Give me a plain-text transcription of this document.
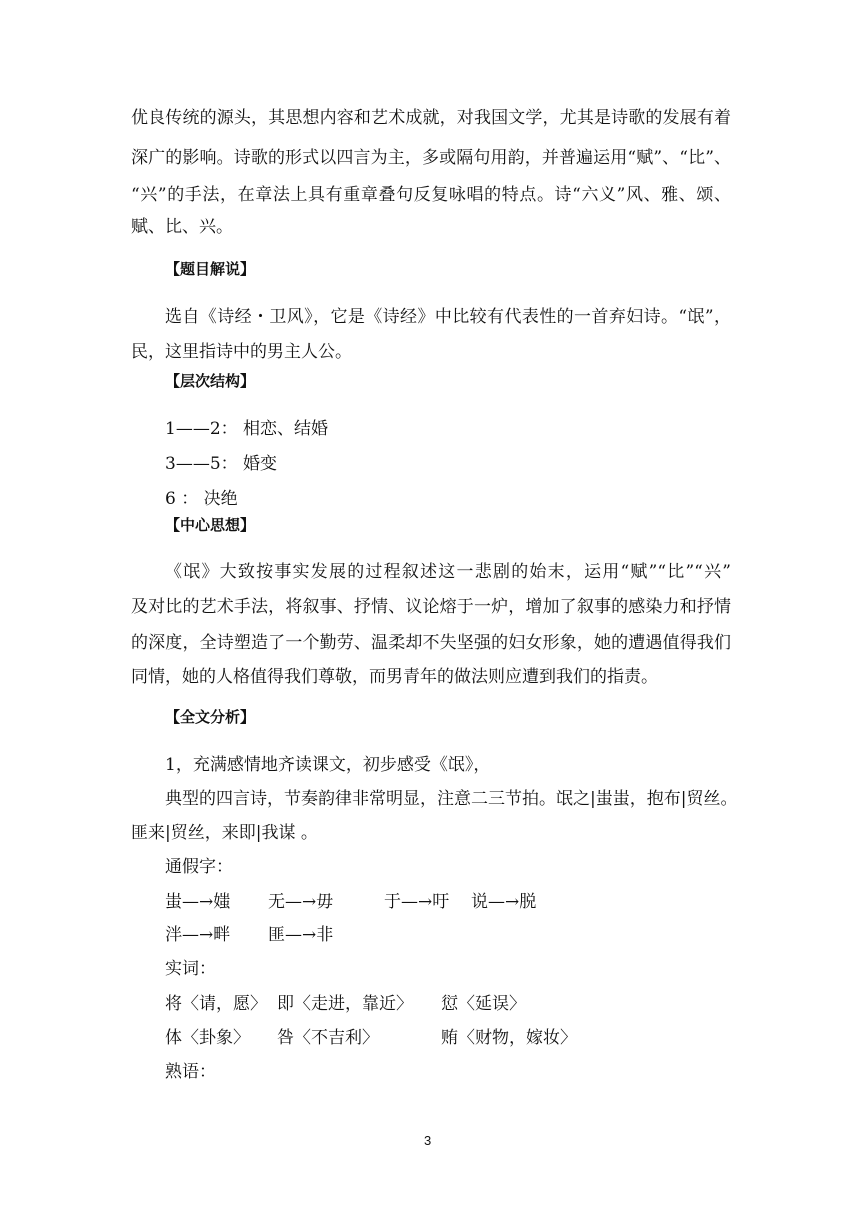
优良传统的源头，其思想内容和艺术成就，对我国文学，尤其是诗歌的发展有着

深广的影响。诗歌的形式以四言为主，多或隔句用韵，并普遍运用“赋”、“比”、

“兴”的手法，在章法上具有重章叠句反复咏唱的特点。诗“六义”风、雅、颂、

赋、比、兴。

【题目解说】

选自《诗经・卫风》，它是《诗经》中比较有代表性的一首弃妇诗。“氓”，

民，这里指诗中的男主人公。

【层次结构】

1——2： 相恋、结婚

3——5： 婚变

6 ： 决绝

【中心思想】

《氓》大致按事实发展的过程叙述这一悲剧的始末，运用“赋”“比”“兴”

及对比的艺术手法，将叙事、抒情、议论熔于一炉，增加了叙事的感染力和抒情

的深度，全诗塑造了一个勤劳、温柔却不失坚强的妇女形象，她的遭遇值得我们

同情，她的人格值得我们尊敬，而男青年的做法则应遭到我们的指责。

【全文分析】

1，充满感情地齐读课文，初步感受《氓》，

典型的四言诗，节奏韵律非常明显，注意二三节拍。氓之|蚩蚩，抱布|贸丝。

匪来|贸丝，来即|我谋 。

通假字：

蚩—→媸 无—→毋	于—→吁 说—→脱
泮—→畔 匪—→非

实词：

将〈请，愿〉 即〈走进，靠近〉 愆〈延误〉
体〈卦象〉 咎〈不吉利〉	贿〈财物，嫁妆〉

熟语：

3
